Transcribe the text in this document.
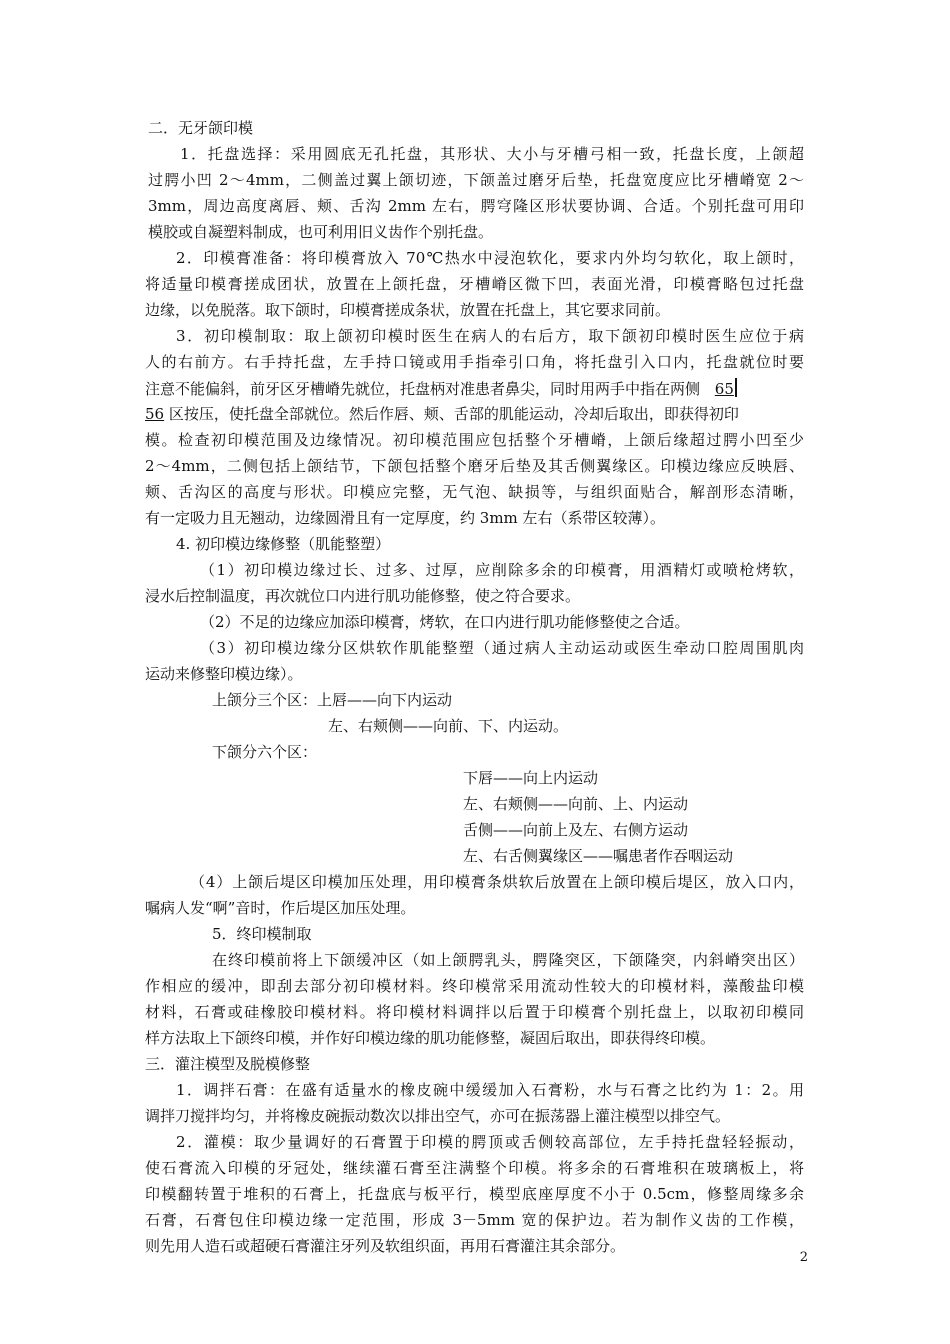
二．无牙颌印模
1．托盘选择：采用圆底无孔托盘，其形状、大小与牙槽弓相一致，托盘长度，上颌超
过腭小凹 2～4mm，二侧盖过翼上颌切迹，下颌盖过磨牙后垫，托盘宽度应比牙槽嵴宽 2～
3mm，周边高度离唇、颊、舌沟 2mm 左右，腭穹隆区形状要协调、合适。个别托盘可用印
模胶或自凝塑料制成，也可利用旧义齿作个别托盘。
2．印模膏准备：将印模膏放入 70℃热水中浸泡软化，要求内外均匀软化，取上颌时，
将适量印模膏搓成团状，放置在上颌托盘，牙槽嵴区微下凹，表面光滑，印模膏略包过托盘
边缘，以免脱落。取下颌时，印模膏搓成条状，放置在托盘上，其它要求同前。
3．初印模制取：取上颌初印模时医生在病人的右后方，取下颌初印模时医生应位于病
人的右前方。右手持托盘，左手持口镜或用手指牵引口角，将托盘引入口内，托盘就位时要
注意不能偏斜，前牙区牙槽嵴先就位，托盘柄对准患者鼻尖，同时用两手中指在两侧 65
56 区按压，使托盘全部就位。然后作唇、颊、舌部的肌能运动，冷却后取出，即获得初印
模。检查初印模范围及边缘情况。初印模范围应包括整个牙槽嵴，上颌后缘超过腭小凹至少
2～4mm，二侧包括上颌结节，下颌包括整个磨牙后垫及其舌侧翼缘区。印模边缘应反映唇、
颊、舌沟区的高度与形状。印模应完整，无气泡、缺损等，与组织面贴合，解剖形态清晰，
有一定吸力且无翘动，边缘圆滑且有一定厚度，约 3mm 左右（系带区较薄）。
4. 初印模边缘修整（肌能整塑）
（1）初印模边缘过长、过多、过厚，应削除多余的印模膏，用酒精灯或喷枪烤软，
浸水后控制温度，再次就位口内进行肌功能修整，使之符合要求。
（2）不足的边缘应加添印模膏，烤软，在口内进行肌功能修整使之合适。
（3）初印模边缘分区烘软作肌能整塑（通过病人主动运动或医生牵动口腔周围肌肉
运动来修整印模边缘）。
上颌分三个区：上唇——向下内运动
左、右颊侧——向前、下、内运动。
下颌分六个区：
下唇——向上内运动
左、右颊侧——向前、上、内运动
舌侧——向前上及左、右侧方运动
左、右舌侧翼缘区——嘱患者作吞咽运动
（4）上颌后堤区印模加压处理，用印模膏条烘软后放置在上颌印模后堤区，放入口内，
嘱病人发“啊”音时，作后堤区加压处理。
5．终印模制取
在终印模前将上下颌缓冲区（如上颌腭乳头，腭隆突区，下颌隆突，内斜嵴突出区）
作相应的缓冲，即刮去部分初印模材料。终印模常采用流动性较大的印模材料，藻酸盐印模
材料，石膏或硅橡胶印模材料。将印模材料调拌以后置于印模膏个别托盘上，以取初印模同
样方法取上下颌终印模，并作好印模边缘的肌功能修整，凝固后取出，即获得终印模。
三．灌注模型及脱模修整
1．调拌石膏：在盛有适量水的橡皮碗中缓缓加入石膏粉，水与石膏之比约为 1：2。用
调拌刀搅拌均匀，并将橡皮碗振动数次以排出空气，亦可在振荡器上灌注模型以排空气。
2．灌模：取少量调好的石膏置于印模的腭顶或舌侧较高部位，左手持托盘轻轻振动，
使石膏流入印模的牙冠处，继续灌石膏至注满整个印模。将多余的石膏堆积在玻璃板上，将
印模翻转置于堆积的石膏上，托盘底与板平行，模型底座厚度不小于 0.5cm，修整周缘多余
石膏，石膏包住印模边缘一定范围，形成 3－5mm 宽的保护边。若为制作义齿的工作模，
则先用人造石或超硬石膏灌注牙列及软组织面，再用石膏灌注其余部分。
2
